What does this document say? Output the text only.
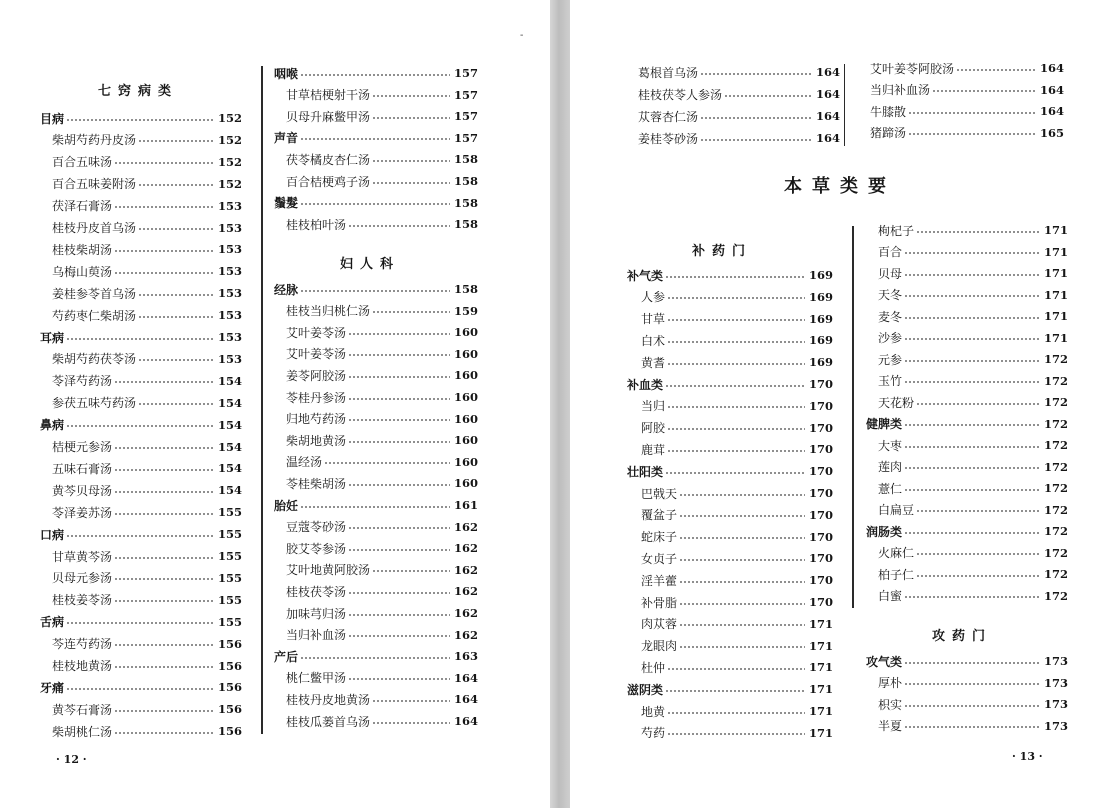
七窍病类
目病	152
柴胡芍药丹皮汤	152
百合五味汤	152
百合五味姜附汤	152
茯泽石膏汤	153
桂枝丹皮首乌汤	153
桂枝柴胡汤	153
乌梅山萸汤	153
姜桂参苓首乌汤	153
芍药枣仁柴胡汤	153
耳病	153
柴胡芍药茯苓汤	153
苓泽芍药汤	154
参茯五味芍药汤	154
鼻病	154
桔梗元参汤	154
五味石膏汤	154
黄芩贝母汤	154
苓泽姜苏汤	155
口病	155
甘草黄芩汤	155
贝母元参汤	155
桂枝姜苓汤	155
舌病	155
芩连芍药汤	156
桂枝地黄汤	156
牙痛	156
黄芩石膏汤	156
柴胡桃仁汤	156
咽喉	157
甘草桔梗射干汤	157
贝母升麻鳖甲汤	157
声音	157
茯苓橘皮杏仁汤	158
百合桔梗鸡子汤	158
鬚髮	158
桂枝柏叶汤	158
妇人科
经脉	158
桂枝当归桃仁汤	159
艾叶姜苓汤	160
艾叶姜苓汤	160
姜苓阿胶汤	160
苓桂丹参汤	160
归地芍药汤	160
柴胡地黄汤	160
温经汤	160
苓桂柴胡汤	160
胎妊	161
豆蔻苓砂汤	162
胶艾苓参汤	162
艾叶地黄阿胶汤	162
桂枝茯苓汤	162
加味芎归汤	162
当归补血汤	162
产后	163
桃仁鳖甲汤	164
桂枝丹皮地黄汤	164
桂枝瓜蒌首乌汤	164
· 12 ·
-
葛根首乌汤	164
桂枝茯苓人参汤	164
苁蓉杏仁汤	164
姜桂苓砂汤	164
艾叶姜苓阿胶汤	164
当归补血汤	164
牛膝散	164
猪蹄汤	165
本草类要
补药门
补气类	169
人参	169
甘草	169
白术	169
黄耆	169
补血类	170
当归	170
阿胶	170
鹿茸	170
壮阳类	170
巴戟天	170
覆盆子	170
蛇床子	170
女贞子	170
淫羊藿	170
补骨脂	170
肉苁蓉	171
龙眼肉	171
杜仲	171
滋阴类	171
地黄	171
芍药	171
枸杞子	171
百合	171
贝母	171
天冬	171
麦冬	171
沙参	171
元参	172
玉竹	172
天花粉	172
健脾类	172
大枣	172
莲肉	172
薏仁	172
白扁豆	172
润肠类	172
火麻仁	172
柏子仁	172
白蜜	172
攻药门
攻气类	173
厚朴	173
枳实	173
半夏	173
· 13 ·
